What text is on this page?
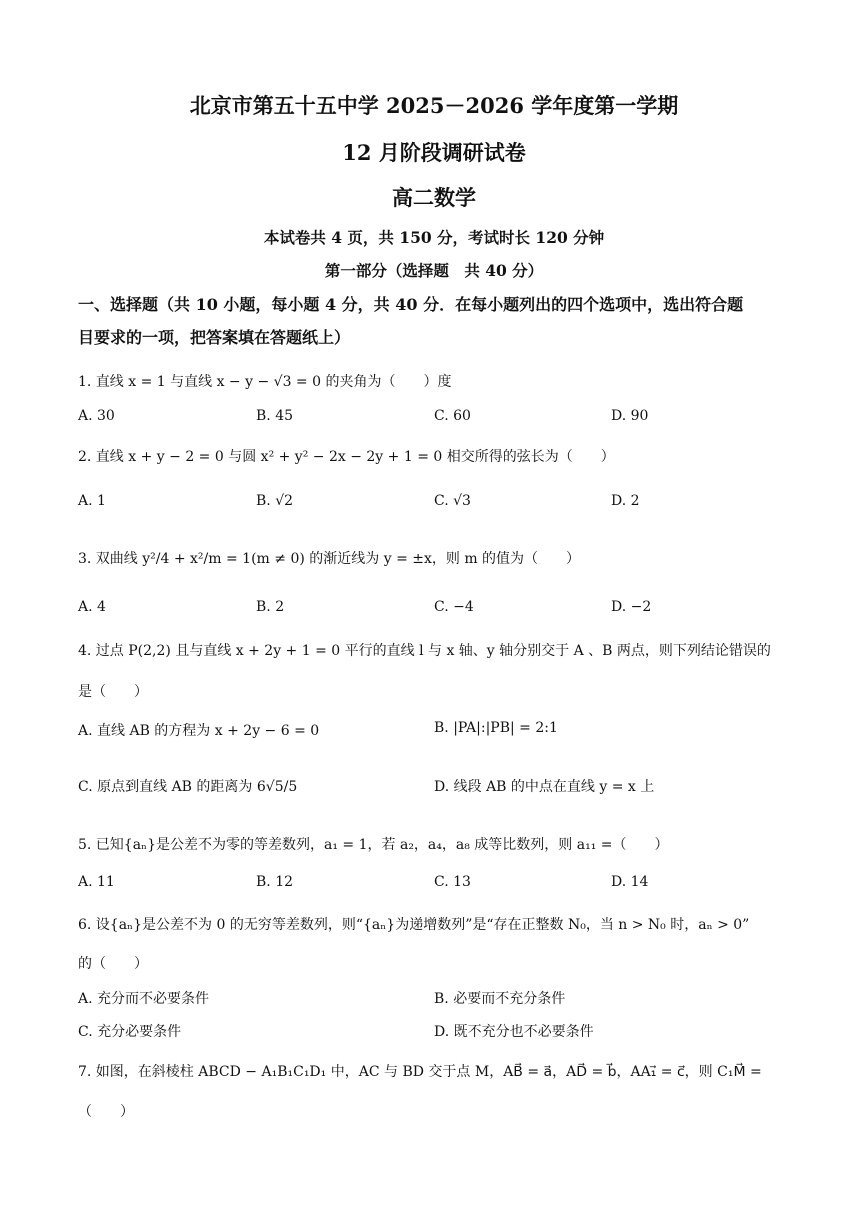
北京市第五十五中学 2025－2026 学年度第一学期
12 月阶段调研试卷
高二数学
本试卷共 4 页，共 150 分，考试时长 120 分钟
第一部分（选择题　共 40 分）
一、选择题（共 10 小题，每小题 4 分，共 40 分．在每小题列出的四个选项中，选出符合题
目要求的一项，把答案填在答题纸上）
1. 直线 x = 1 与直线 x − y − √3 = 0 的夹角为（　　）度
A. 30	B. 45	C. 60	D. 90
2. 直线 x + y − 2 = 0 与圆 x² + y² − 2x − 2y + 1 = 0 相交所得的弦长为（　　）
A. 1	B. √2	C. √3	D. 2
3. 双曲线 y²/4 + x²/m = 1(m ≠ 0) 的渐近线为 y = ±x，则 m 的值为（　　）
A. 4	B. 2	C. −4	D. −2
4. 过点 P(2,2) 且与直线 x + 2y + 1 = 0 平行的直线 l 与 x 轴、y 轴分别交于 A 、B 两点，则下列结论错误的
是（　　）
A. 直线 AB 的方程为 x + 2y − 6 = 0	B. |PA|:|PB| = 2:1
C. 原点到直线 AB 的距离为 6√5/5	D. 线段 AB 的中点在直线 y = x 上
5. 已知{aₙ}是公差不为零的等差数列，a₁ = 1，若 a₂，a₄，a₈ 成等比数列，则 a₁₁ =（　　）
A. 11	B. 12	C. 13	D. 14
6. 设{aₙ}是公差不为 0 的无穷等差数列，则“{aₙ}为递增数列”是“存在正整数 N₀，当 n > N₀ 时，aₙ > 0”
的（　　）
A. 充分而不必要条件	B. 必要而不充分条件
C. 充分必要条件	D. 既不充分也不必要条件
7. 如图，在斜棱柱 ABCD − A₁B₁C₁D₁ 中，AC 与 BD 交于点 M，AB⃗ = a⃗，AD⃗ = b⃗，AA₁⃗ = c⃗，则 C₁M⃗ =
（　　）
